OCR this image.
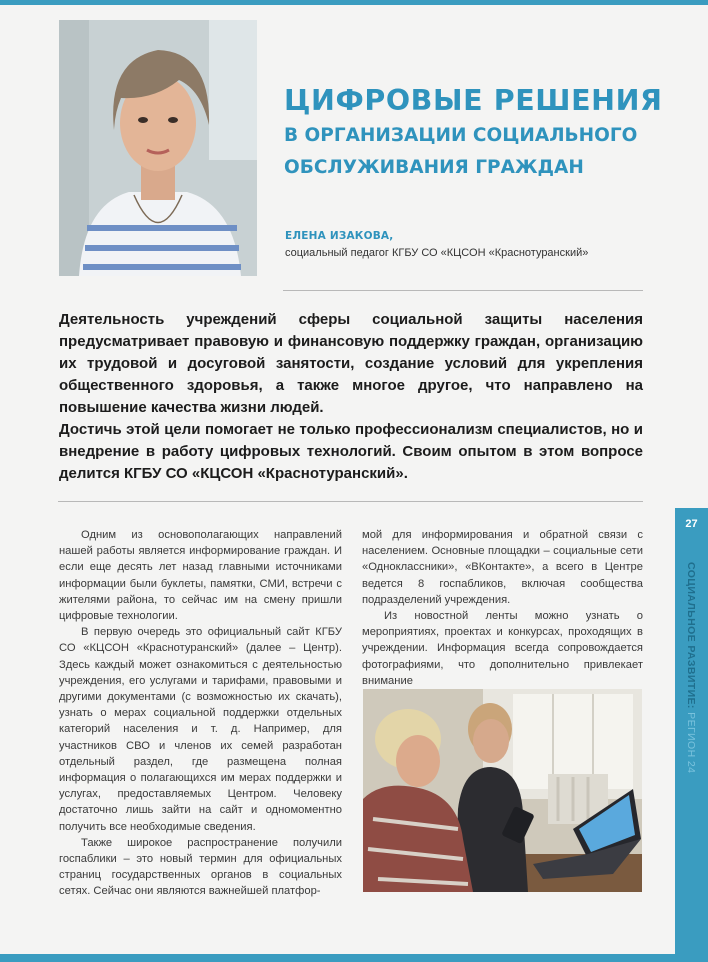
ЦИФРОВЫЕ РЕШЕНИЯ
В ОРГАНИЗАЦИИ СОЦИАЛЬНОГО
ОБСЛУЖИВАНИЯ ГРАЖДАН
ЕЛЕНА ИЗАКОВА,
социальный педагог КГБУ СО «КЦСОН «Краснотуранский»

Деятельность учреждений сферы социальной защиты населения предусматривает правовую и финансовую поддержку граждан, организацию их трудовой и досуговой занятости, создание условий для укрепления общественного здоровья, а также многое другое, что направлено на повышение качества жизни людей.

Достичь этой цели помогает не только профессионализм специалистов, но и внедрение в работу цифровых технологий. Своим опытом в этом вопросе делится КГБУ СО «КЦСОН «Краснотуранский».

Одним из основополагающих направлений нашей работы является информирование граждан. И если еще десять лет назад главными источниками информации были буклеты, памятки, СМИ, встречи с жителями района, то сейчас им на смену пришли цифровые технологии.

В первую очередь это официальный сайт КГБУ СО «КЦСОН «Краснотуранский» (далее – Центр). Здесь каждый может ознакомиться с деятельностью учреждения, его услугами и тарифами, правовыми и другими документами (с возможностью их скачать), узнать о мерах социальной поддержки отдельных категорий населения и т. д. Например, для участников СВО и членов их семей разработан отдельный раздел, где размещена полная информация о полагающихся им мерах поддержки и услугах, предоставляемых Центром. Человеку достаточно лишь зайти на сайт и одномоментно получить все необходимые сведения.

Также широкое распространение получили госпаблики – это новый термин для официальных страниц государственных органов в социальных сетях. Сейчас они являются важнейшей платфор-

мой для информирования и обратной связи с населением. Основные площадки – социальные сети «Одноклассники», «ВКонтакте», а всего в Центре ведется 8 госпабликов, включая сообщества подразделений учреждения.

Из новостной ленты можно узнать о мероприятиях, проектах и конкурсах, проходящих в учреждении. Информация всегда сопровождается фотографиями, что дополнительно привлекает внимание

27
СОЦИАЛЬНОЕ РАЗВИТИЕ: РЕГИОН 24
